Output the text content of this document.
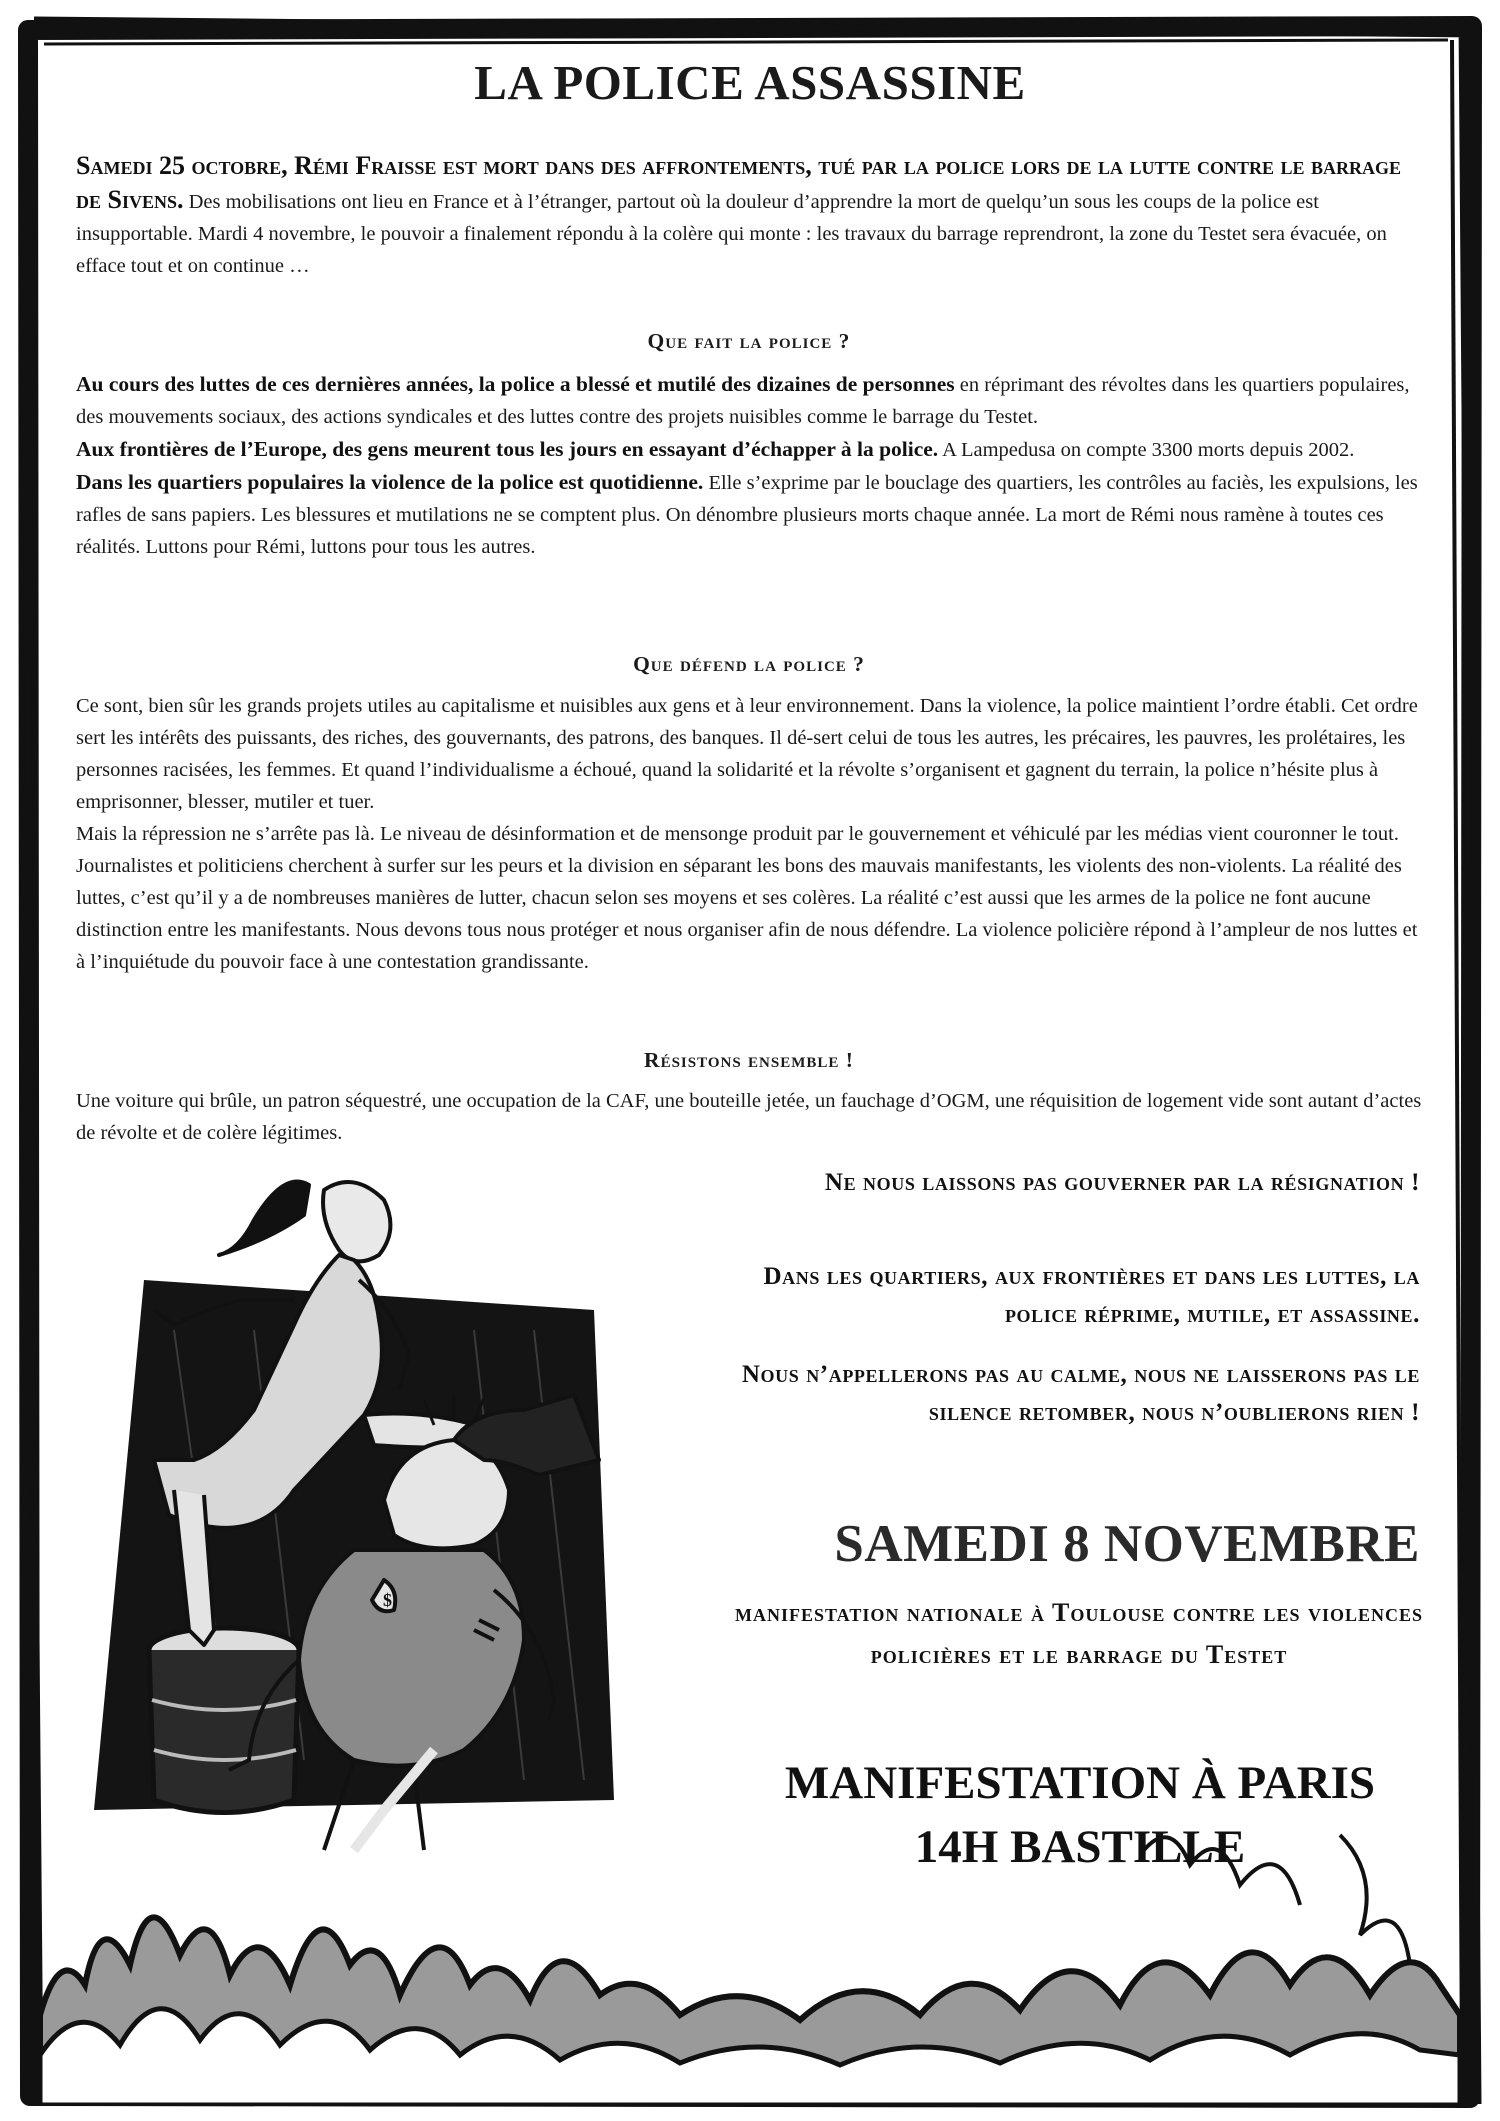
LA POLICE ASSASSINE

Samedi 25 octobre, Rémi Fraisse est mort dans des affrontements, tué par la police lors de la lutte contre le barrage de Sivens. Des mobilisations ont lieu en France et à l’étranger, partout où la douleur d’apprendre la mort de quelqu’un sous les coups de la police est insupportable. Mardi 4 novembre, le pouvoir a finalement répondu à la colère qui monte : les travaux du barrage reprendront, la zone du Testet sera évacuée, on efface tout et on continue …

Que fait la police ?

Au cours des luttes de ces dernières années, la police a blessé et mutilé des dizaines de personnes en réprimant des révoltes dans les quartiers populaires, des mouvements sociaux, des actions syndicales et des luttes contre des projets nuisibles comme le barrage du Testet.

Aux frontières de l’Europe, des gens meurent tous les jours en essayant d’échapper à la police. A Lampedusa on compte 3300 morts depuis 2002.

Dans les quartiers populaires la violence de la police est quotidienne. Elle s’exprime par le bouclage des quartiers, les contrôles au faciès, les expulsions, les rafles de sans papiers. Les blessures et mutilations ne se comptent plus. On dénombre plusieurs morts chaque année. La mort de Rémi nous ramène à toutes ces réalités. Luttons pour Rémi, luttons pour tous les autres.

Que défend la police ?

Ce sont, bien sûr les grands projets utiles au capitalisme et nuisibles aux gens et à leur environnement. Dans la violence, la police maintient l’ordre établi. Cet ordre sert les intérêts des puissants, des riches, des gouvernants, des patrons, des banques. Il dé-sert celui de tous les autres, les précaires, les pauvres, les prolétaires, les personnes racisées, les femmes. Et quand l’individualisme a échoué, quand la solidarité et la révolte s’organisent et gagnent du terrain, la police n’hésite plus à emprisonner, blesser, mutiler et tuer.

Mais la répression ne s’arrête pas là. Le niveau de désinformation et de mensonge produit par le gouvernement et véhiculé par les médias vient couronner le tout. Journalistes et politiciens cherchent à surfer sur les peurs et la division en séparant les bons des mauvais manifestants, les violents des non-violents. La réalité des luttes, c’est qu’il y a de nombreuses manières de lutter, chacun selon ses moyens et ses colères. La réalité c’est aussi que les armes de la police ne font aucune distinction entre les manifestants. Nous devons tous nous protéger et nous organiser afin de nous défendre. La violence policière répond à l’ampleur de nos luttes et à l’inquiétude du pouvoir face à une contestation grandissante.

Résistons ensemble !

Une voiture qui brûle, un patron séquestré, une occupation de la CAF, une bouteille jetée, un fauchage d’OGM, une réquisition de logement vide sont autant d’actes de révolte et de colère légitimes.

Ne nous laissons pas gouverner par la résignation !

Dans les quartiers, aux frontières et dans les luttes, la police réprime, mutile, et assassine.

Nous n’appellerons pas au calme, nous ne laisserons pas le silence retomber, nous n’oublierons rien !

$
SAMEDI 8 NOVEMBRE

manifestation nationale à Toulouse contre les violences policières et le barrage du Testet

MANIFESTATION À PARIS
14H BASTILLE
